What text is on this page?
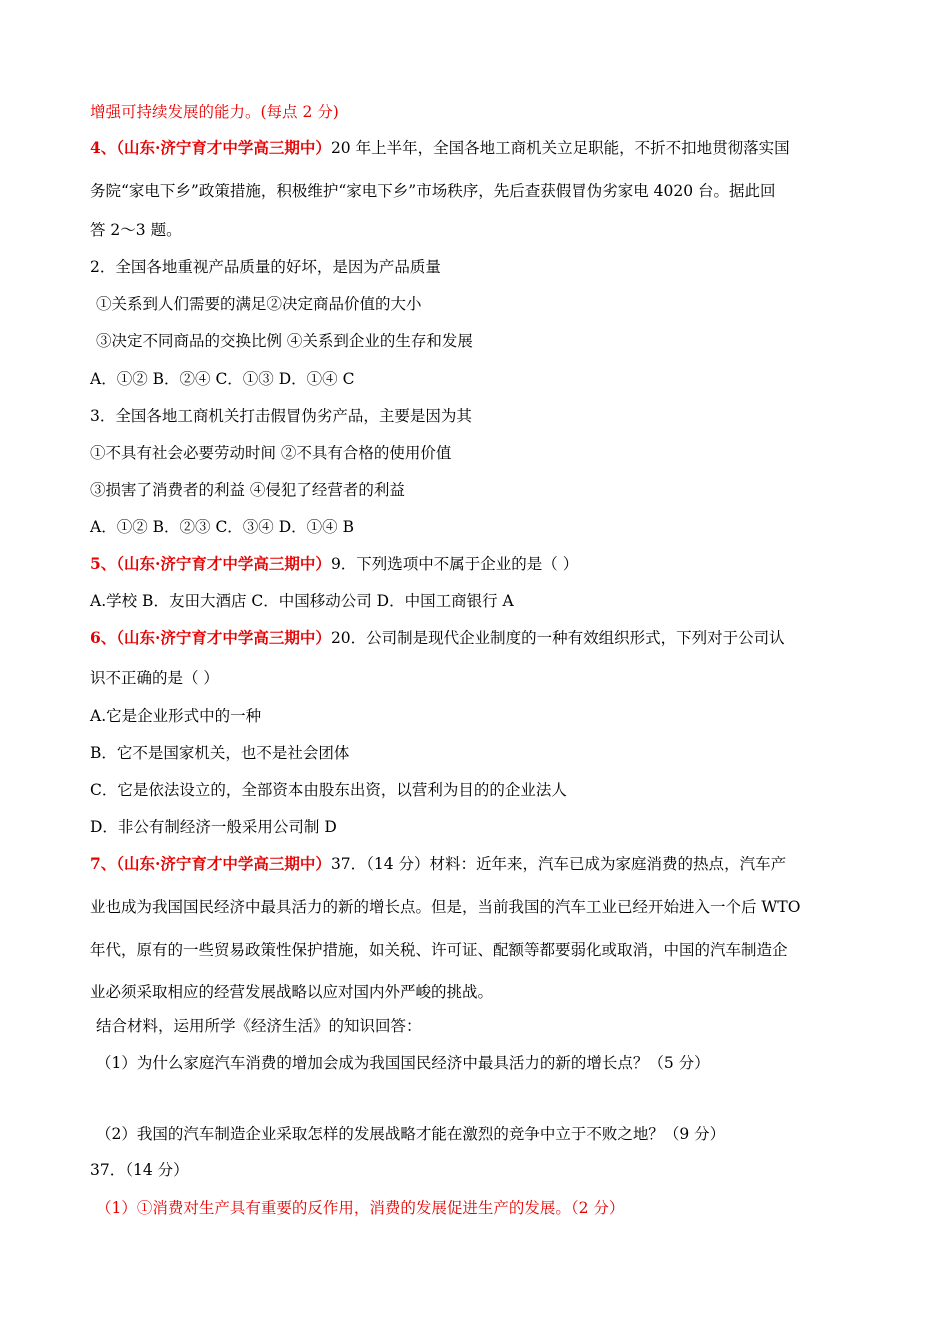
增强可持续发展的能力。(每点 2 分)
4、（山东·济宁育才中学高三期中）20 年上半年，全国各地工商机关立足职能，不折不扣地贯彻落实国
务院“家电下乡”政策措施，积极维护“家电下乡”市场秩序，先后查获假冒伪劣家电 4020 台。据此回
答 2～3 题。
2．全国各地重视产品质量的好坏，是因为产品质量
①关系到人们需要的满足②决定商品价值的大小
③决定不同商品的交换比例 ④关系到企业的生存和发展
A．①② B．②④ C．①③ D．①④ C
3．全国各地工商机关打击假冒伪劣产品，主要是因为其
①不具有社会必要劳动时间 ②不具有合格的使用价值
③损害了消费者的利益 ④侵犯了经营者的利益
A．①② B．②③ C．③④ D．①④ B
5、（山东·济宁育才中学高三期中）9．下列选项中不属于企业的是（ ）
A.学校 B．友田大酒店 C．中国移动公司 D．中国工商银行 A
6、（山东·济宁育才中学高三期中）20．公司制是现代企业制度的一种有效组织形式，下列对于公司认
识不正确的是（ ）
A.它是企业形式中的一种
B．它不是国家机关，也不是社会团体
C．它是依法设立的，全部资本由股东出资，以营利为目的的企业法人
D．非公有制经济一般采用公司制 D
7、（山东·济宁育才中学高三期中）37．（14 分）材料：近年来，汽车已成为家庭消费的热点，汽车产
业也成为我国国民经济中最具活力的新的增长点。但是，当前我国的汽车工业已经开始进入一个后 WTO
年代，原有的一些贸易政策性保护措施，如关税、许可证、配额等都要弱化或取消，中国的汽车制造企
业必须采取相应的经营发展战略以应对国内外严峻的挑战。
结合材料，运用所学《经济生活》的知识回答：
（1）为什么家庭汽车消费的增加会成为我国国民经济中最具活力的新的增长点？（5 分）
（2）我国的汽车制造企业采取怎样的发展战略才能在激烈的竞争中立于不败之地？（9 分）
37．（14 分）
（1）①消费对生产具有重要的反作用，消费的发展促进生产的发展。（2 分）
